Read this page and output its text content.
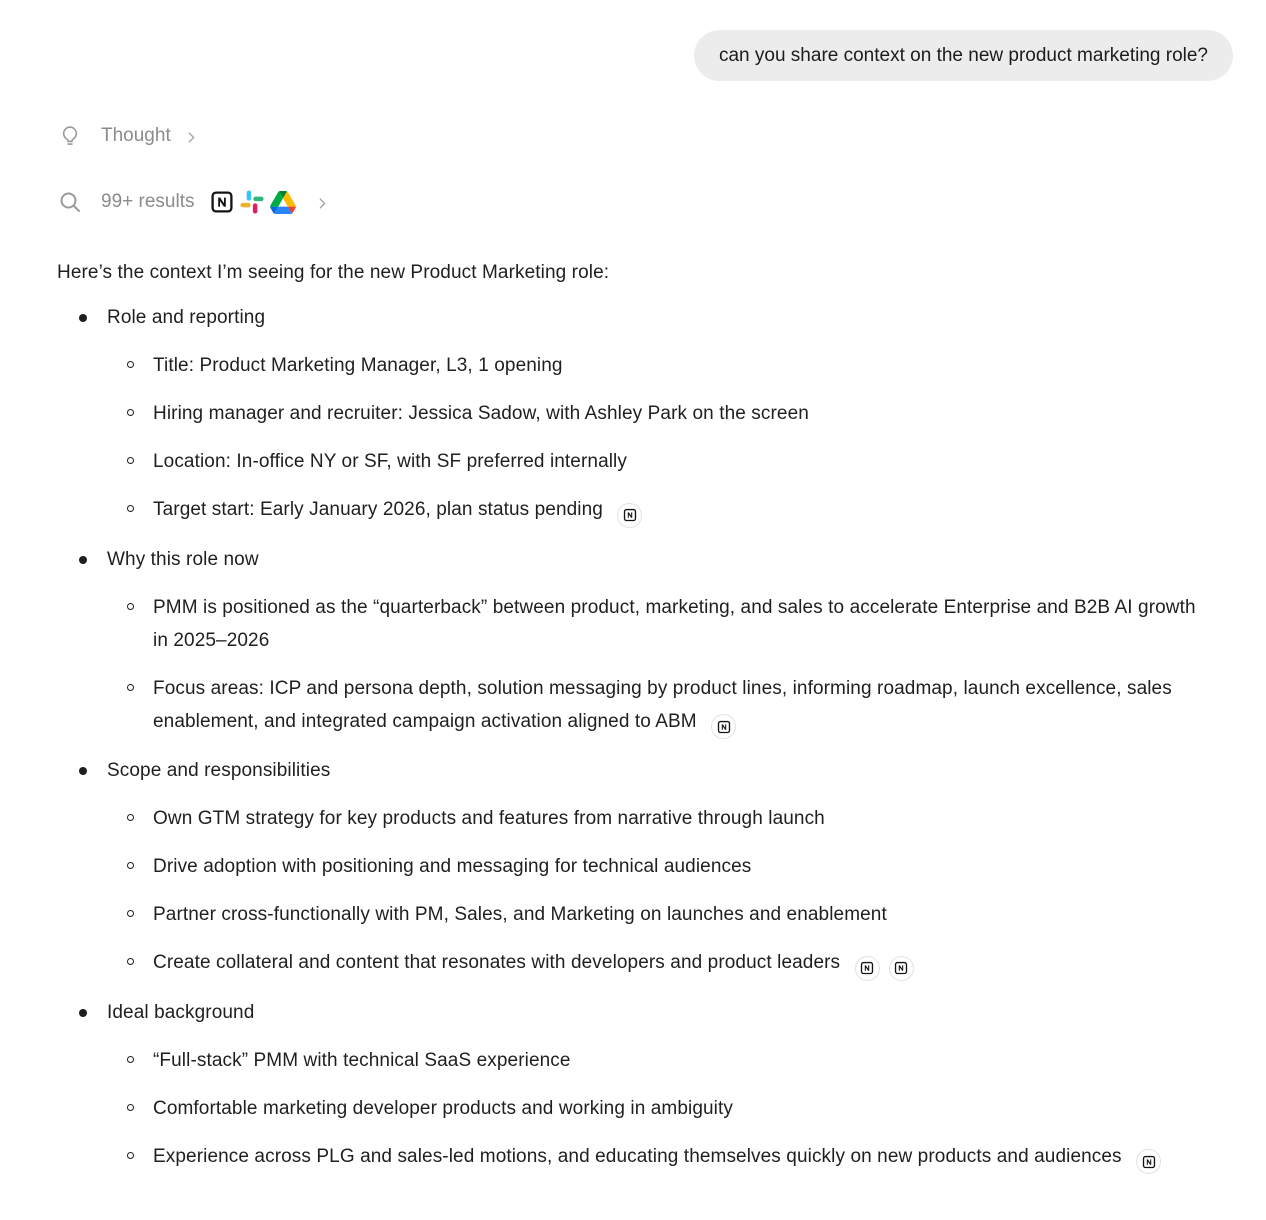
can you share context on the new product marketing role?
Thought
99+ results

Here’s the context I’m seeing for the new Product Marketing role:

Role and reporting
Title: Product Marketing Manager, L3, 1 opening
Hiring manager and recruiter: Jessica Sadow, with Ashley Park on the screen
Location: In-office NY or SF, with SF preferred internally
Target start: Early January 2026, plan status pending
Why this role now
PMM is positioned as the “quarterback” between product, marketing, and sales to accelerate Enterprise and B2B AI growth in 2025–2026
Focus areas: ICP and persona depth, solution messaging by product lines, informing roadmap, launch excellence, sales enablement, and integrated campaign activation aligned to ABM
Scope and responsibilities
Own GTM strategy for key products and features from narrative through launch
Drive adoption with positioning and messaging for technical audiences
Partner cross-functionally with PM, Sales, and Marketing on launches and enablement
Create collateral and content that resonates with developers and product leaders

Ideal background
“Full-stack” PMM with technical SaaS experience
Comfortable marketing developer products and working in ambiguity
Experience across PLG and sales-led motions, and educating themselves quickly on new products and audiences
